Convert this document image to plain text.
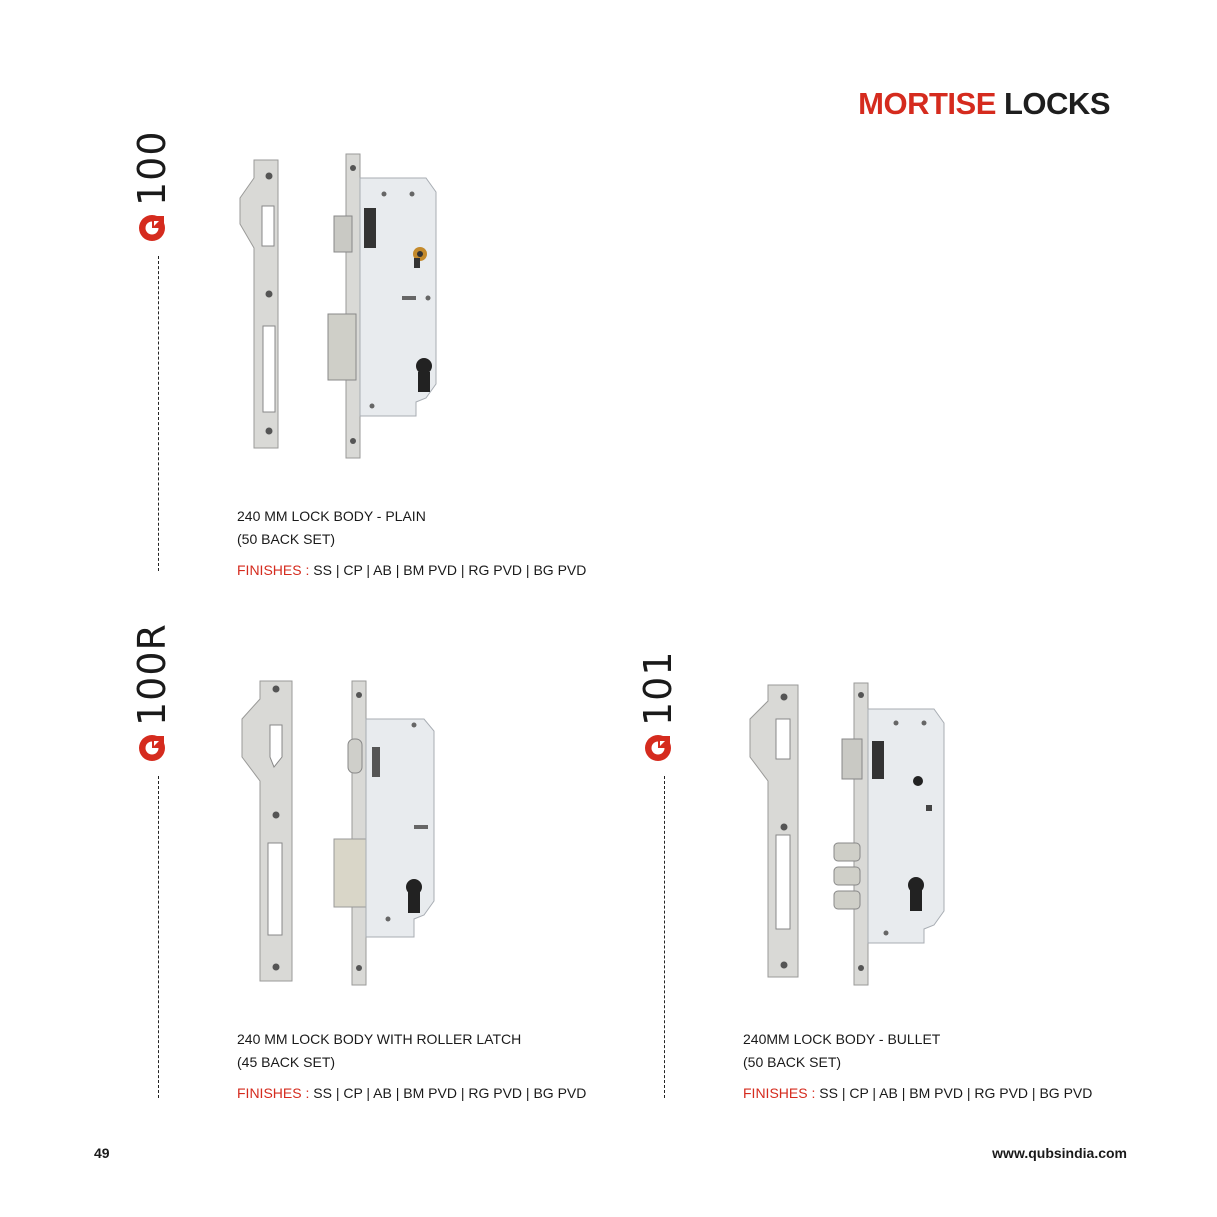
MORTISE LOCKS
100
240 MM LOCK BODY - PLAIN
(50 BACK SET)
FINISHES : SS | CP | AB | BM PVD | RG PVD | BG PVD
100R
240 MM LOCK BODY WITH ROLLER LATCH
(45 BACK SET)
FINISHES : SS | CP | AB | BM PVD | RG PVD | BG PVD
101
240MM LOCK BODY - BULLET
(50 BACK SET)
FINISHES : SS | CP | AB | BM PVD | RG PVD | BG PVD
49	www.qubsindia.com
